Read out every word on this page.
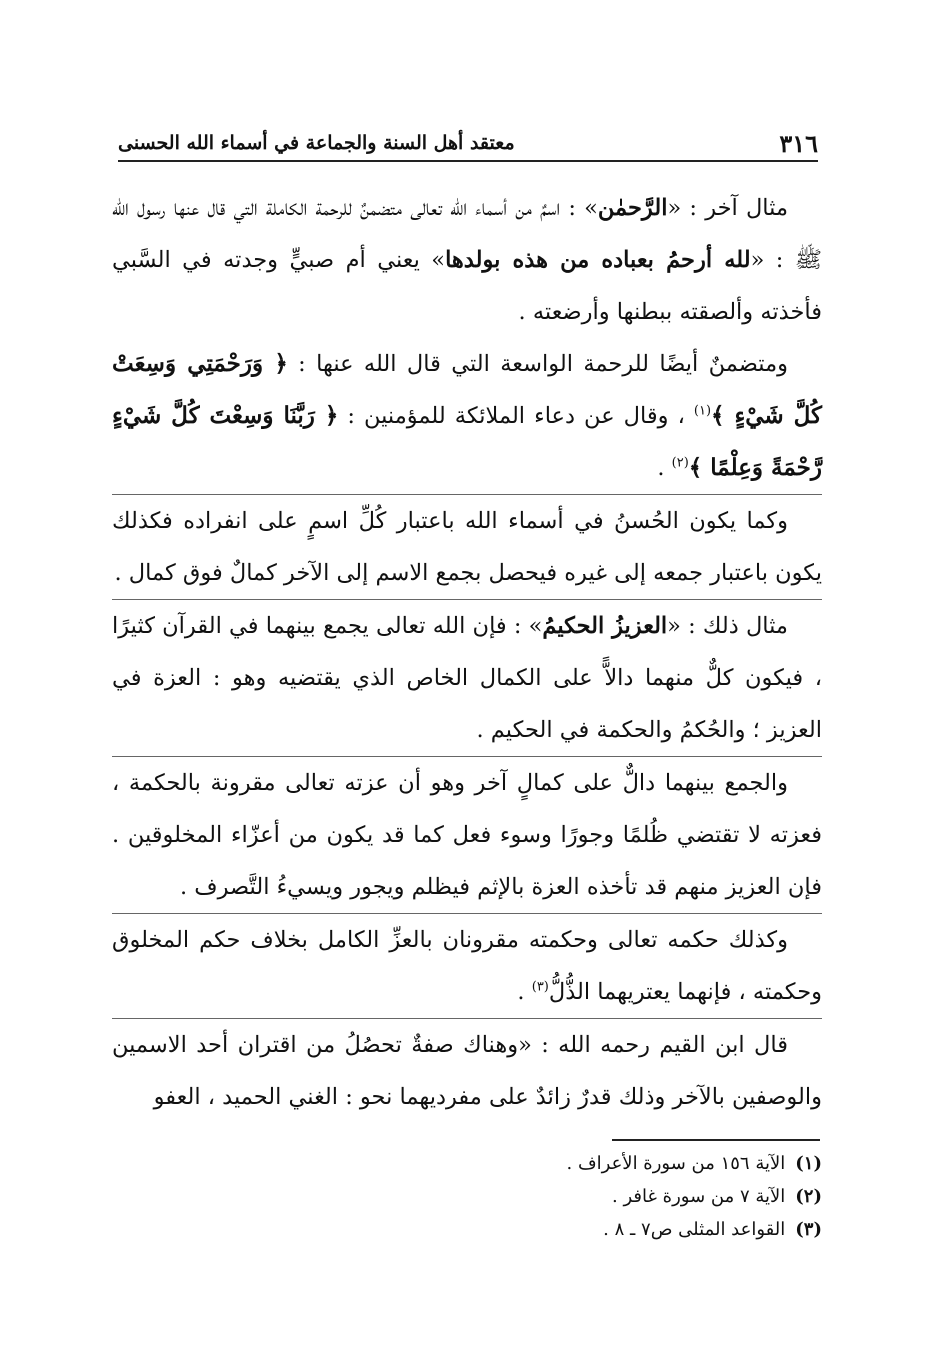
٣١٦
معتقد أهل السنة والجماعة في أسماء الله الحسنى

مثال آخر : «الرَّحمٰن» : اسمٌ من أسماء الله تعالى متضمنٌ للرحمة الكاملة التي قال عنها رسول الله ﷺ : «لله أرحمُ بعباده من هذه بولدها» يعني أم صبيٍّ وجدته في السَّبي فأخذته وألصقته ببطنها وأرضعته .

ومتضمنٌ أيضًا للرحمة الواسعة التي قال الله عنها : ﴿ وَرَحْمَتِي وَسِعَتْ كُلَّ شَيْءٍ ﴾$^{(١)}$ ، وقال عن دعاء الملائكة للمؤمنين : ﴿ رَبَّنَا وَسِعْتَ كُلَّ شَيْءٍ رَّحْمَةً وَعِلْمًا ﴾$^{(٢)}$ .

وكما يكون الحُسنُ في أسماء الله باعتبار كُلِّ اسمٍ على انفراده فكذلك يكون باعتبار جمعه إلى غيره فيحصل بجمع الاسم إلى الآخر كمالٌ فوق كمال .

مثال ذلك : «العزيزُ الحكيمُ» : فإن الله تعالى يجمع بينهما في القرآن كثيرًا ، فيكون كلٌّ منهما دالاًّ على الكمال الخاص الذي يقتضيه وهو : العزة في العزيز ؛ والحُكمُ والحكمة في الحكيم .

والجمع بينهما دالٌّ على كمالٍ آخر وهو أن عزته تعالى مقرونة بالحكمة ، فعزته لا تقتضي ظُلمًا وجورًا وسوء فعل كما قد يكون من أعزّاء المخلوقين . فإن العزيز منهم قد تأخذه العزة بالإثم فيظلم ويجور ويسيءُ التَّصرف .

وكذلك حكمه تعالى وحكمته مقرونان بالعزِّ الكامل بخلاف حكم المخلوق وحكمته ، فإنهما يعتريهما الذُّلُّ$^{(٣)}$ .

قال ابن القيم رحمه الله : «وهناك صفةٌ تحصُلُ من اقتران أحد الاسمين والوصفين بالآخر وذلك قدرٌ زائدٌ على مفرديهما نحو : الغني الحميد ، العفو

(١)الآية ١٥٦ من سورة الأعراف .

(٢)الآية ٧ من سورة غافر .

(٣)القواعد المثلى ص٧ ـ ٨ .
